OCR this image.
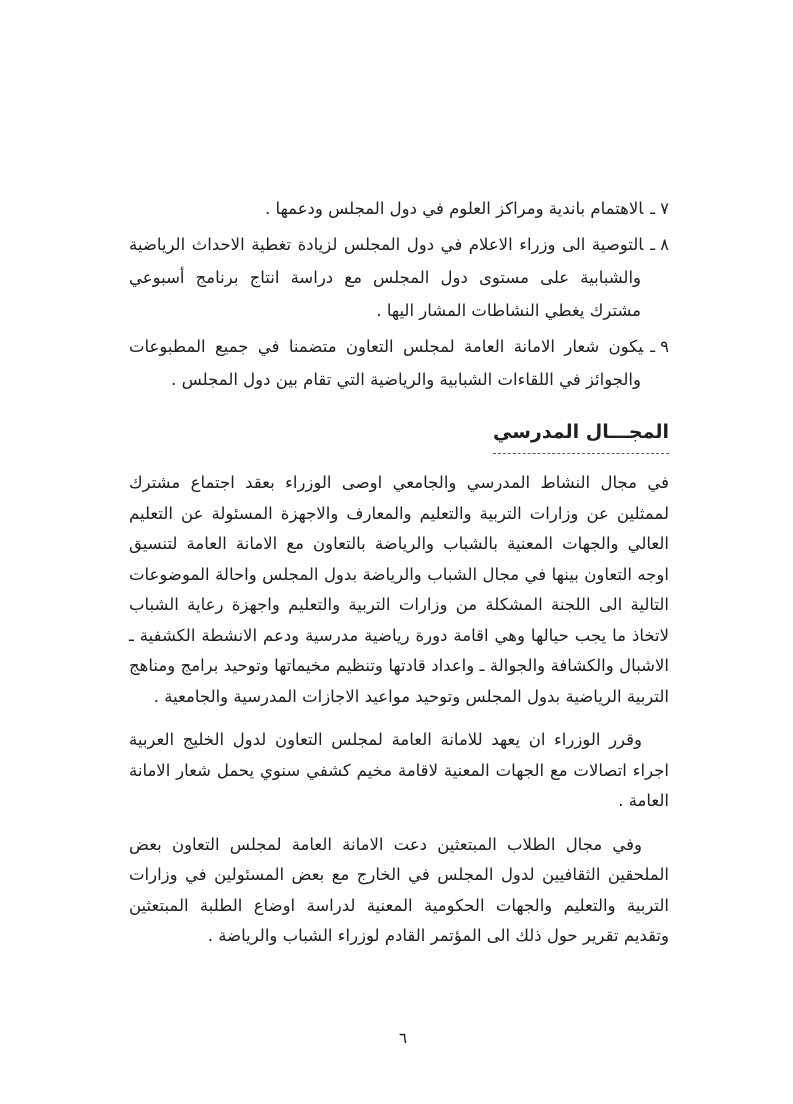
٧ـالاهتمام باندية ومراكز العلوم في دول المجلس ودعمها .
٨ـالتوصية الى وزراء الاعلام في دول المجلس لزيادة تغطية الاحداث الرياضية والشبابية على مستوى دول المجلس مع دراسة انتاج برنامج أسبوعي مشترك يغطي النشاطات المشار اليها .
٩ـيكون شعار الامانة العامة لمجلس التعاون متضمنا في جميع المطبوعات والجوائز في اللقاءات الشبابية والرياضية التي تقام بين دول المجلس .
المجـــال المدرسي

في مجال النشاط المدرسي والجامعي اوصى الوزراء بعقد اجتماع مشترك لممثلين عن وزارات التربية والتعليم والمعارف والاجهزة المسئولة عن التعليم العالي والجهات المعنية بالشباب والرياضة بالتعاون مع الامانة العامة لتنسيق اوجه التعاون بينها في مجال الشباب والرياضة بدول المجلس واحالة الموضوعات التالية الى اللجنة المشكلة من وزارات التربية والتعليم واجهزة رعاية الشباب لاتخاذ ما يجب حيالها وهي اقامة دورة رياضية مدرسية ودعم الانشطة الكشفية ـ الاشبال والكشافة والجوالة ـ واعداد قادتها وتنظيم مخيماتها وتوحيد برامج ومناهج التربية الرياضية بدول المجلس وتوحيد مواعيد الاجازات المدرسية والجامعية .

وقرر الوزراء ان يعهد للامانة العامة لمجلس التعاون لدول الخليج العربية اجراء اتصالات مع الجهات المعنية لاقامة مخيم كشفي سنوي يحمل شعار الامانة العامة .

وفي مجال الطلاب المبتعثين دعت الامانة العامة لمجلس التعاون بعض الملحقين الثقافيين لدول المجلس في الخارج مع بعض المسئولين في وزارات التربية والتعليم والجهات الحكومية المعنية لدراسة اوضاع الطلبة المبتعثين وتقديم تقرير حول ذلك الى المؤتمر القادم لوزراء الشباب والرياضة .

٦
